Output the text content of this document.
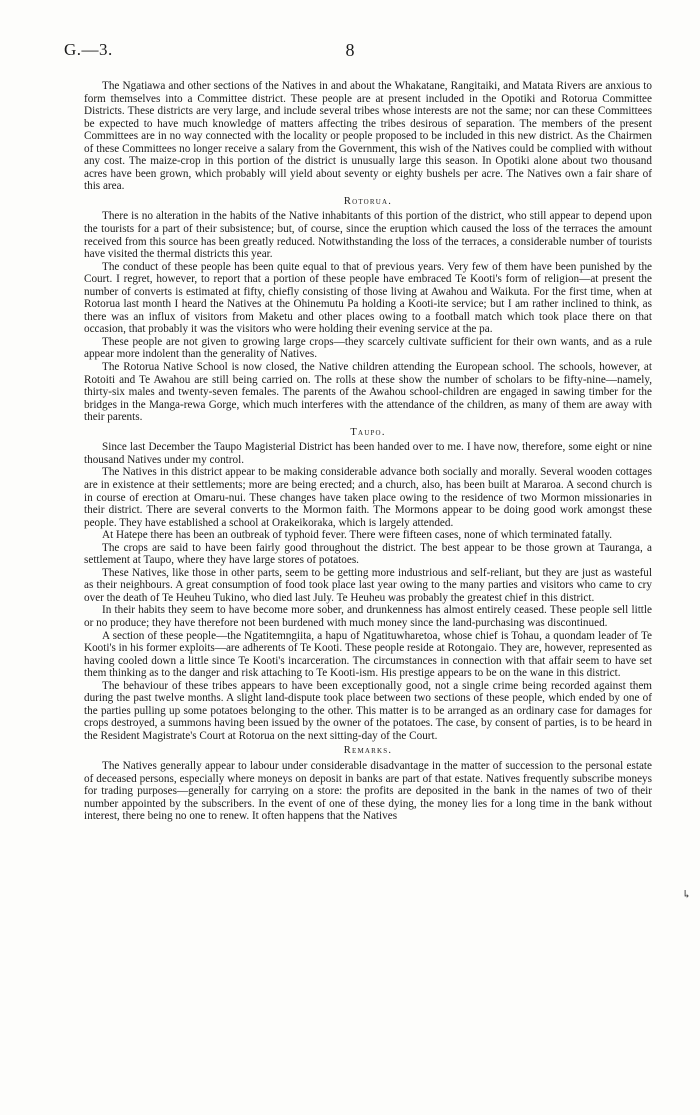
G.—3.	8

The Ngatiawa and other sections of the Natives in and about the Whakatane, Rangitaiki, and Matata Rivers are anxious to form themselves into a Committee district. These people are at present included in the Opotiki and Rotorua Committee Districts. These districts are very large, and include several tribes whose interests are not the same; nor can these Committees be expected to have much knowledge of matters affecting the tribes desirous of separation. The members of the present Committees are in no way connected with the locality or people proposed to be included in this new district. As the Chairmen of these Committees no longer receive a salary from the Government, this wish of the Natives could be complied with without any cost. The maize-crop in this portion of the district is unusually large this season. In Opotiki alone about two thousand acres have been grown, which probably will yield about seventy or eighty bushels per acre. The Natives own a fair share of this area.

Rotorua.

There is no alteration in the habits of the Native inhabitants of this portion of the district, who still appear to depend upon the tourists for a part of their subsistence; but, of course, since the eruption which caused the loss of the terraces the amount received from this source has been greatly reduced. Notwithstanding the loss of the terraces, a considerable number of tourists have visited the thermal districts this year.

The conduct of these people has been quite equal to that of previous years. Very few of them have been punished by the Court. I regret, however, to report that a portion of these people have embraced Te Kooti's form of religion—at present the number of converts is estimated at fifty, chiefly consisting of those living at Awahou and Waikuta. For the first time, when at Rotorua last month I heard the Natives at the Ohinemutu Pa holding a Kooti-ite service; but I am rather inclined to think, as there was an influx of visitors from Maketu and other places owing to a football match which took place there on that occasion, that probably it was the visitors who were holding their evening service at the pa.

These people are not given to growing large crops—they scarcely cultivate sufficient for their own wants, and as a rule appear more indolent than the generality of Natives.

The Rotorua Native School is now closed, the Native children attending the European school. The schools, however, at Rotoiti and Te Awahou are still being carried on. The rolls at these show the number of scholars to be fifty-nine—namely, thirty-six males and twenty-seven females. The parents of the Awahou school-children are engaged in sawing timber for the bridges in the Manga-rewa Gorge, which much interferes with the attendance of the children, as many of them are away with their parents.

Taupo.

Since last December the Taupo Magisterial District has been handed over to me. I have now, therefore, some eight or nine thousand Natives under my control.

The Natives in this district appear to be making considerable advance both socially and morally. Several wooden cottages are in existence at their settlements; more are being erected; and a church, also, has been built at Mararoa. A second church is in course of erection at Omaru-nui. These changes have taken place owing to the residence of two Mormon missionaries in their district. There are several converts to the Mormon faith. The Mormons appear to be doing good work amongst these people. They have established a school at Orakeikoraka, which is largely attended.

At Hatepe there has been an outbreak of typhoid fever. There were fifteen cases, none of which terminated fatally.

The crops are said to have been fairly good throughout the district. The best appear to be those grown at Tauranga, a settlement at Taupo, where they have large stores of potatoes.

These Natives, like those in other parts, seem to be getting more industrious and self-reliant, but they are just as wasteful as their neighbours. A great consumption of food took place last year owing to the many parties and visitors who came to cry over the death of Te Heuheu Tukino, who died last July. Te Heuheu was probably the greatest chief in this district.

In their habits they seem to have become more sober, and drunkenness has almost entirely ceased. These people sell little or no produce; they have therefore not been burdened with much money since the land-purchasing was discontinued.

A section of these people—the Ngatitemngiita, a hapu of Ngatituwharetoa, whose chief is Tohau, a quondam leader of Te Kooti's in his former exploits—are adherents of Te Kooti. These people reside at Rotongaio. They are, however, represented as having cooled down a little since Te Kooti's incarceration. The circumstances in connection with that affair seem to have set them thinking as to the danger and risk attaching to Te Kooti-ism. His prestige appears to be on the wane in this district.

The behaviour of these tribes appears to have been exceptionally good, not a single crime being recorded against them during the past twelve months. A slight land-dispute took place between two sections of these people, which ended by one of the parties pulling up some potatoes belonging to the other. This matter is to be arranged as an ordinary case for damages for crops destroyed, a summons having been issued by the owner of the potatoes. The case, by consent of parties, is to be heard in the Resident Magistrate's Court at Rotorua on the next sitting-day of the Court.

Remarks.

The Natives generally appear to labour under considerable disadvantage in the matter of succession to the personal estate of deceased persons, especially where moneys on deposit in banks are part of that estate. Natives frequently subscribe moneys for trading purposes—generally for carrying on a store: the profits are deposited in the bank in the names of two of their number appointed by the subscribers. In the event of one of these dying, the money lies for a long time in the bank without interest, there being no one to renew. It often happens that the Natives

↳
